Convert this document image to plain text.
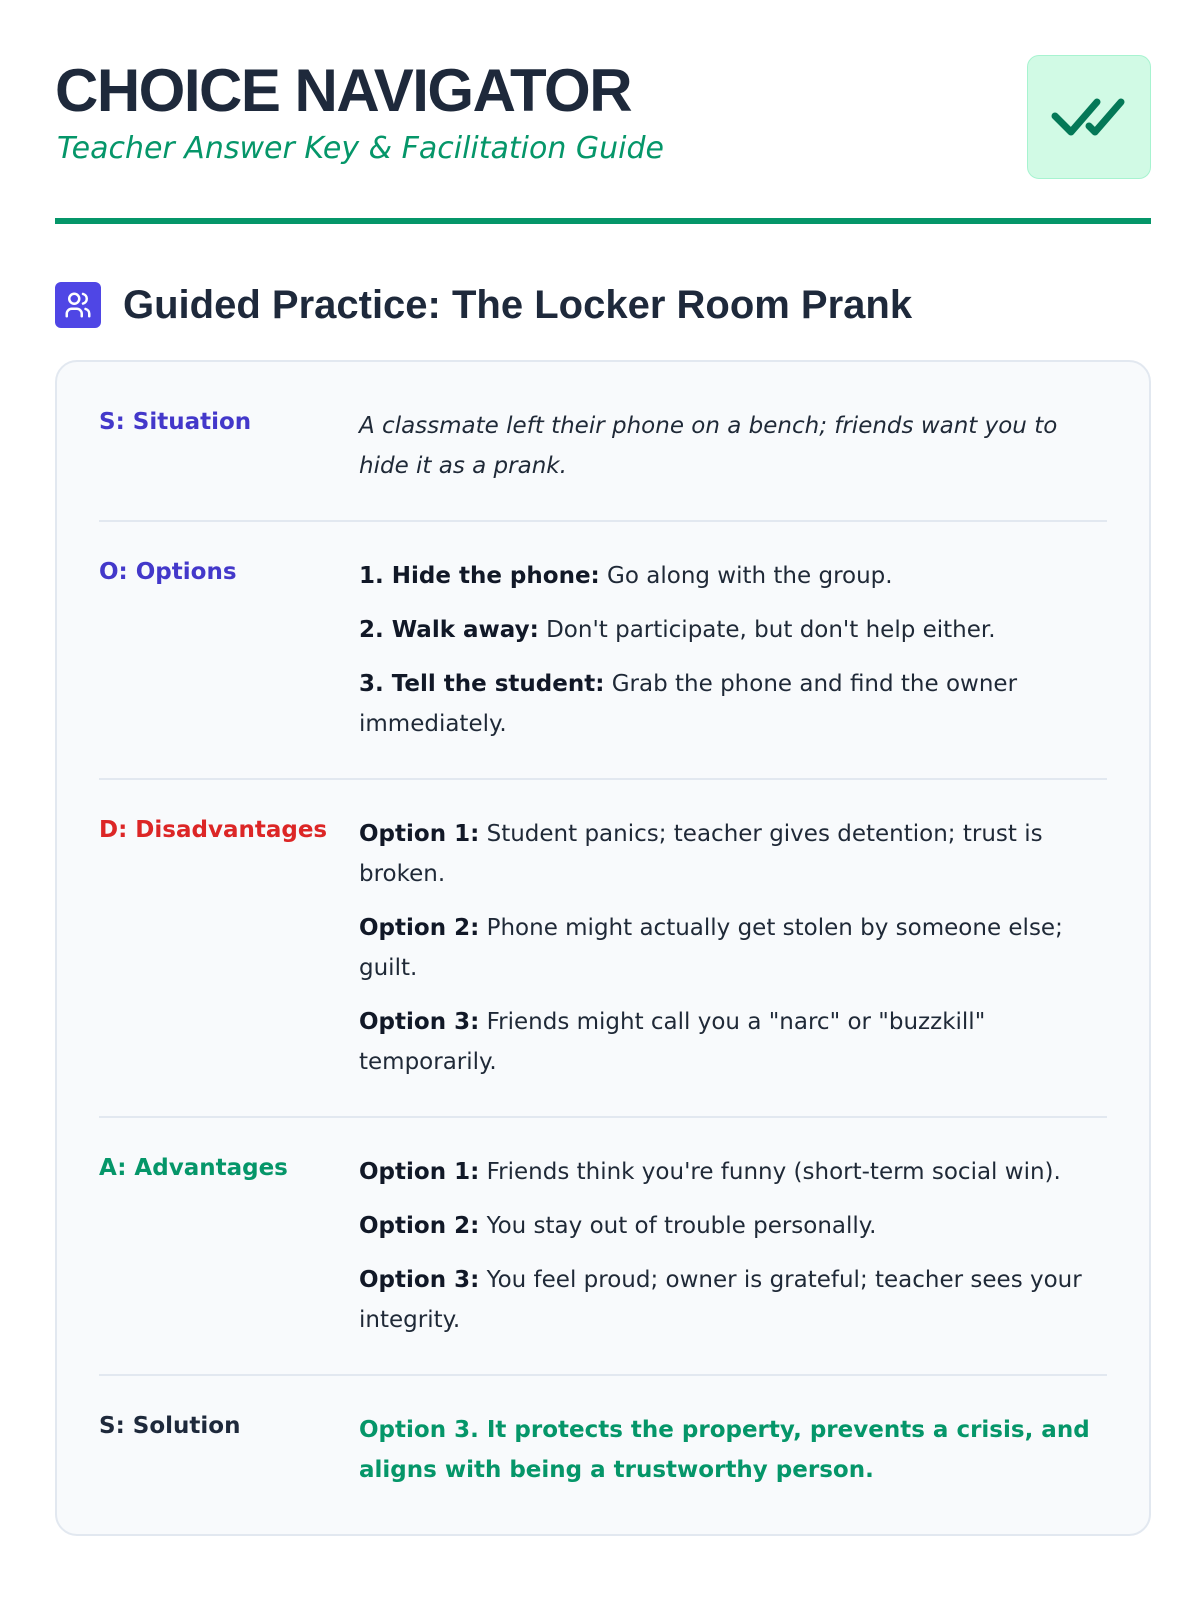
CHOICE NAVIGATOR
Teacher Answer Key & Facilitation Guide
Guided Practice: The Locker Room Prank
S: Situation	A classmate left their phone on a bench; friends want you to hide it as a prank.

O: Options	1. Hide the phone: Go along with the group.

2. Walk away: Don't participate, but don't help either.

3. Tell the student: Grab the phone and find the owner immediately.

D: Disadvantages	Option 1: Student panics; teacher gives detention; trust is broken.

Option 2: Phone might actually get stolen by someone else; guilt.

Option 3: Friends might call you a "narc" or "buzzkill" temporarily.

A: Advantages	Option 1: Friends think you're funny (short-term social win).

Option 2: You stay out of trouble personally.

Option 3: You feel proud; owner is grateful; teacher sees your integrity.

S: Solution	Option 3. It protects the property, prevents a crisis, and aligns with being a trustworthy person.
